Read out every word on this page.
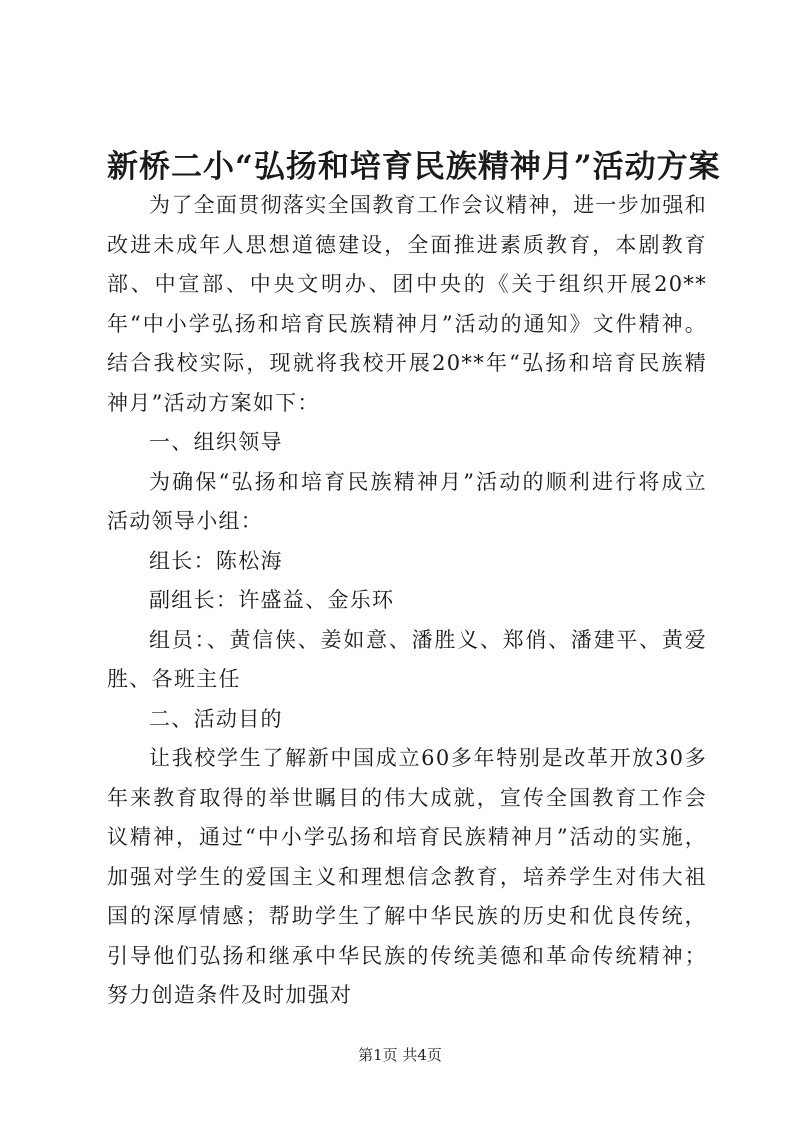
新桥二小“弘扬和培育民族精神月”活动方案

为了全面贯彻落实全国教育工作会议精神，进一步加强和改进未成年人思想道德建设，全面推进素质教育，本剧教育部、中宣部、中央文明办、团中央的《关于组织开展20**年“中小学弘扬和培育民族精神月”活动的通知》文件精神。结合我校实际，现就将我校开展20**年“弘扬和培育民族精神月”活动方案如下：

一、组织领导

为确保“弘扬和培育民族精神月”活动的顺利进行将成立活动领导小组：

组长：陈松海

副组长：许盛益、金乐环

组员：、黄信侠、姜如意、潘胜义、郑俏、潘建平、黄爱胜、各班主任

二、活动目的

让我校学生了解新中国成立60多年特别是改革开放30多年来教育取得的举世瞩目的伟大成就，宣传全国教育工作会议精神，通过“中小学弘扬和培育民族精神月”活动的实施，加强对学生的爱国主义和理想信念教育，培养学生对伟大祖国的深厚情感；帮助学生了解中华民族的历史和优良传统，引导他们弘扬和继承中华民族的传统美德和革命传统精神；努力创造条件及时加强对

第1页 共4页
